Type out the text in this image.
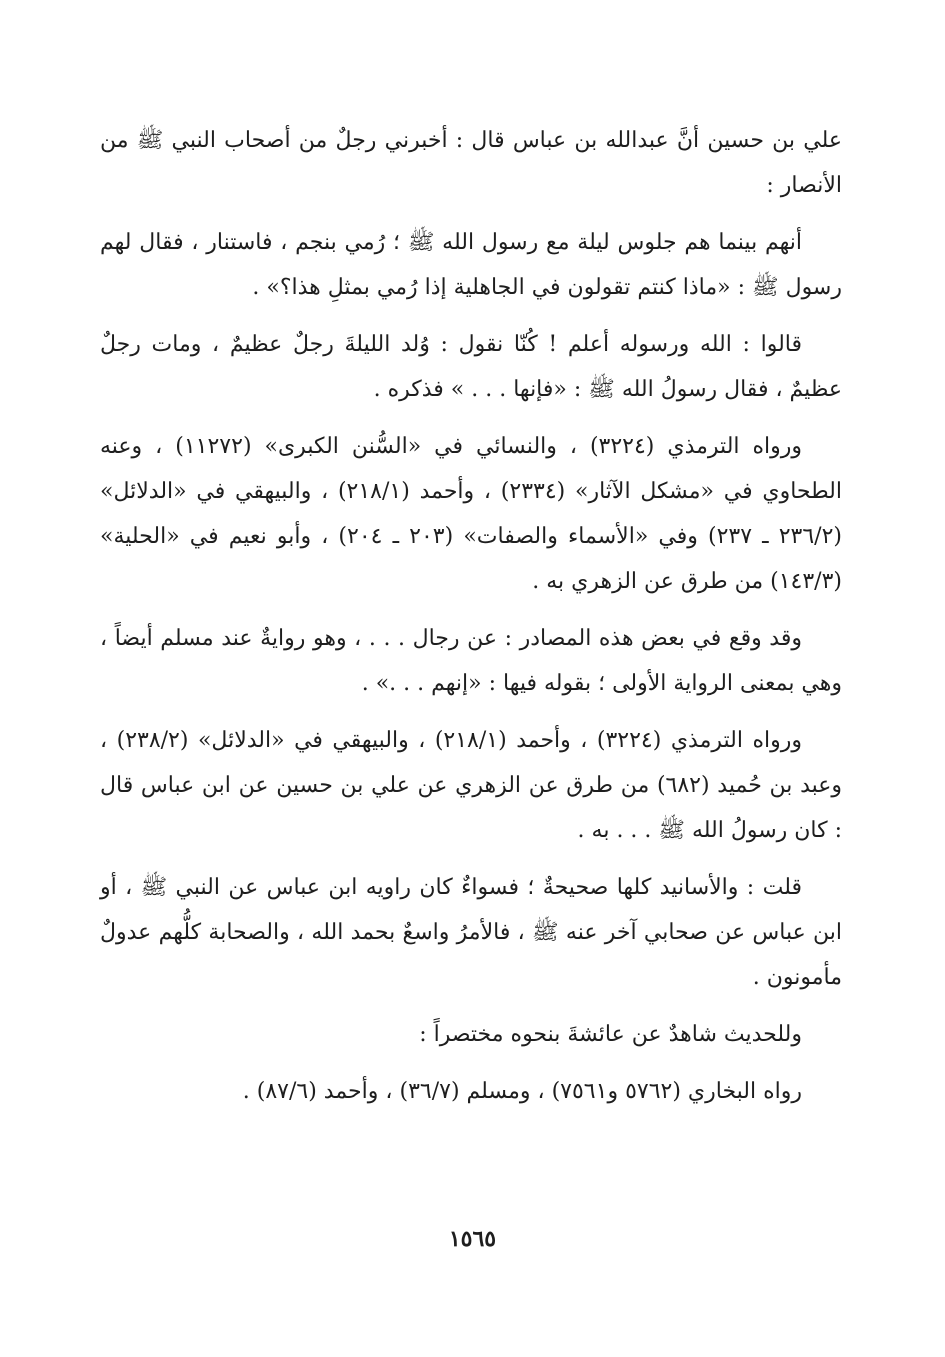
علي بن حسين أنَّ عبدالله بن عباس قال : أخبرني رجلٌ من أصحاب النبي ﷺ من الأنصار :

أنهم بينما هم جلوس ليلة مع رسول الله ﷺ ؛ رُمي بنجم ، فاستنار ، فقال لهم رسول ﷺ : «ماذا كنتم تقولون في الجاهلية إذا رُمي بمثلِ هذا؟» .

قالوا : الله ورسوله أعلم ! كُنّا نقول : وُلد الليلةَ رجلٌ عظيمٌ ، ومات رجلٌ عظيمٌ ، فقال رسولُ الله ﷺ : «فإنها . . . » فذكره .

ورواه الترمذي (٣٢٢٤) ، والنسائي في «السُّنن الكبرى» (١١٢٧٢) ، وعنه الطحاوي في «مشكل الآثار» (٢٣٣٤) ، وأحمد (٢١٨/١) ، والبيهقي في «الدلائل» (٢٣٦/٢ ـ ٢٣٧) وفي «الأسماء والصفات» (٢٠٣ ـ ٢٠٤) ، وأبو نعيم في «الحلية» (١٤٣/٣) من طرق عن الزهري به .

وقد وقع في بعض هذه المصادر : عن رجال . . . ، وهو روايةٌ عند مسلم أيضاً ، وهي بمعنى الرواية الأولى ؛ بقوله فيها : «إنهم . . .» .

ورواه الترمذي (٣٢٢٤) ، وأحمد (٢١٨/١) ، والبيهقي في «الدلائل» (٢٣٨/٢) ، وعبد بن حُميد (٦٨٢) من طرق عن الزهري عن علي بن حسين عن ابن عباس قال : كان رسولُ الله ﷺ . . . به .

قلت : والأسانيد كلها صحيحةٌ ؛ فسواءٌ كان راويه ابن عباس عن النبي ﷺ ، أو ابن عباس عن صحابي آخر عنه ﷺ ، فالأمرُ واسعٌ بحمد الله ، والصحابة كلُّهم عدولٌ مأمونون .

وللحديث شاهدٌ عن عائشةَ بنحوه مختصراً :

رواه البخاري (٥٧٦٢ و٧٥٦١) ، ومسلم (٣٦/٧) ، وأحمد (٨٧/٦) .

١٥٦٥
